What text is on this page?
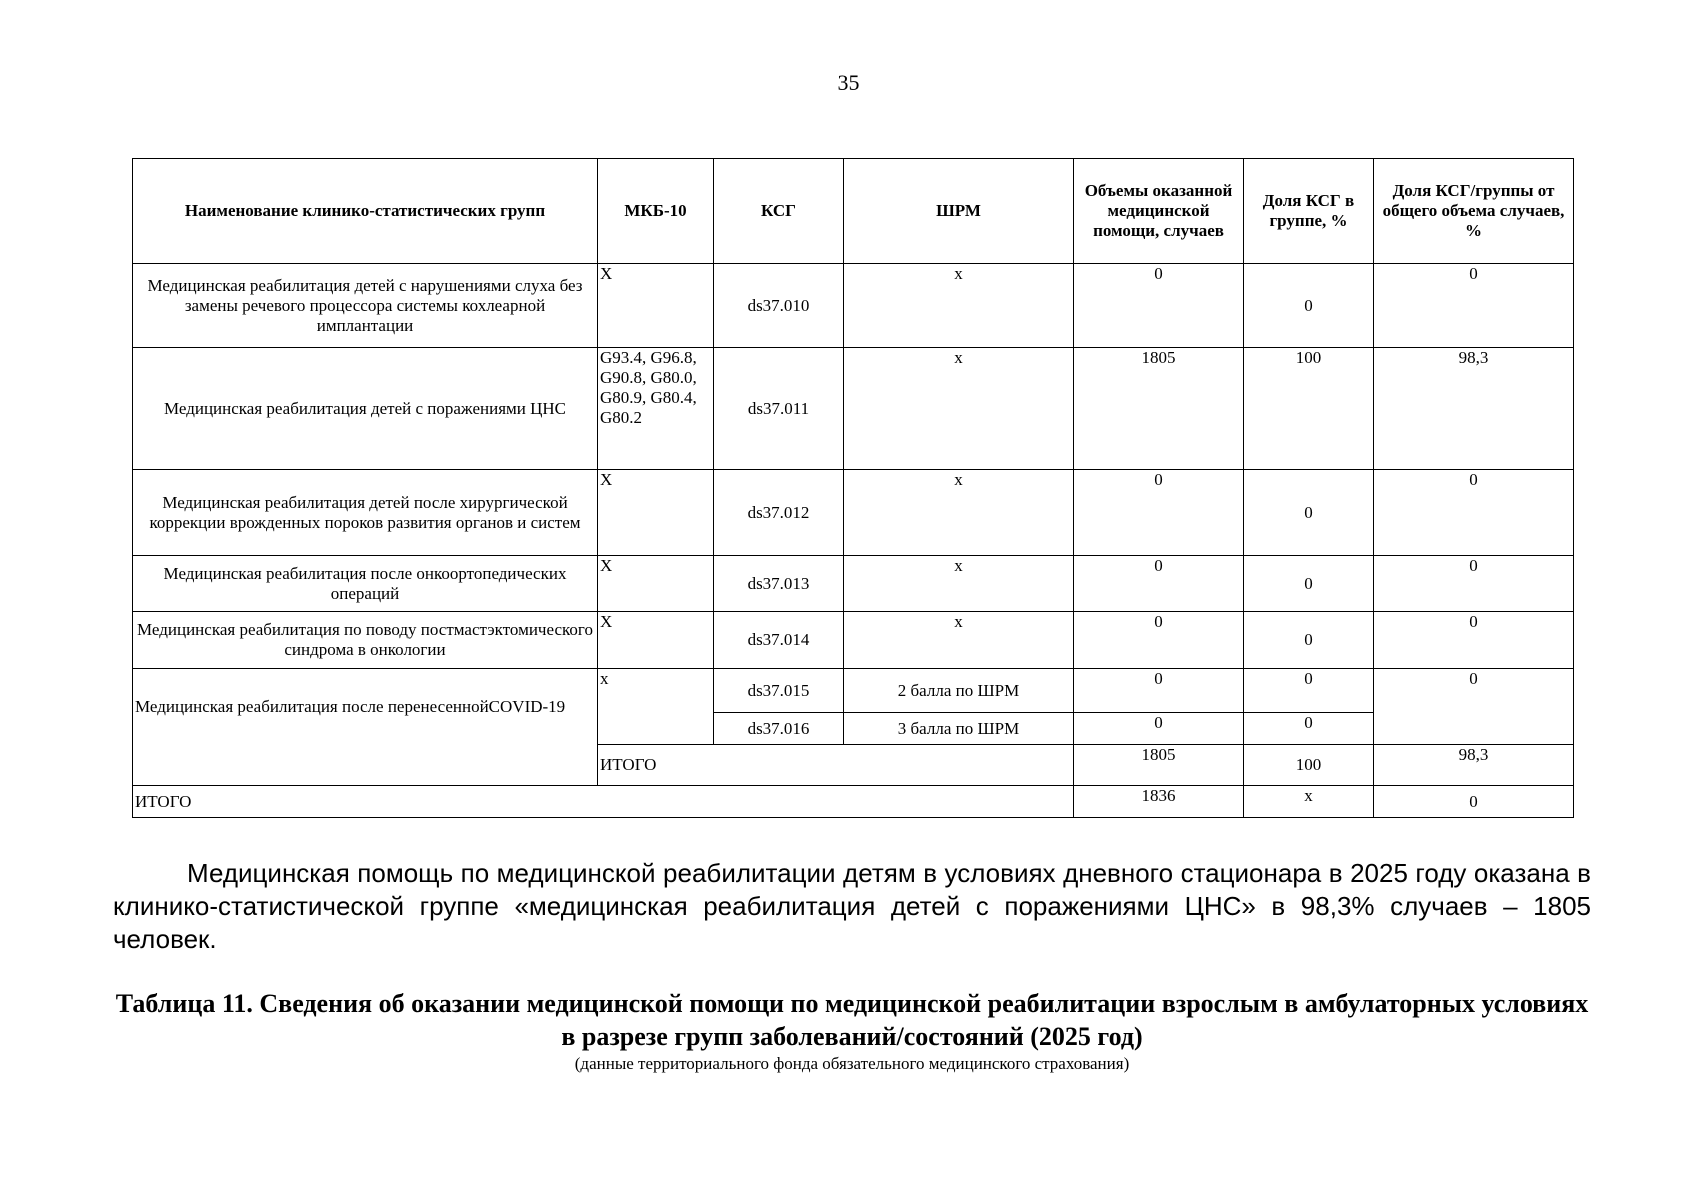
35
Наименование клинико-статистических групп	МКБ-10	КСГ	ШРМ	Объемы оказанной медицинской помощи, случаев	Доля КСГ в группе, %	Доля КСГ/группы от общего объема случаев, %
Медицинская реабилитация детей с нарушениями слуха без замены речевого процессора системы кохлеарной имплантации	X	ds37.010	x	0	0	0
Медицинская реабилитация детей с поражениями ЦНС	G93.4, G96.8, G90.8, G80.0, G80.9, G80.4, G80.2	ds37.011	x	1805	100	98,3
Медицинская реабилитация детей после хирургической коррекции врожденных пороков развития органов и систем	X	ds37.012	x	0	0	0
Медицинская реабилитация после онкоортопедических операций	X	ds37.013	x	0	0	0
Медицинская реабилитация по поводу постмастэктомического синдрома в онкологии	X	ds37.014	x	0	0	0
Медицинская реабилитация после перенесеннойCOVID-19	x	ds37.015	2 балла по ШРМ	0	0	0
		ds37.016	3 балла по ШРМ	0	0	
	ИТОГО			1805	100	98,3
ИТОГО				1836	x	0
Медицинская помощь по медицинской реабилитации детям в условиях дневного стационара в 2025 году оказана в клинико-статистической группе «медицинская реабилитация детей с поражениями ЦНС» в 98,3% случаев – 1805 человек.
Таблица 11. Сведения об оказании медицинской помощи по медицинской реабилитации взрослым в амбулаторных условиях в разрезе групп заболеваний/состояний (2025 год)
(данные территориального фонда обязательного медицинского страхования)
